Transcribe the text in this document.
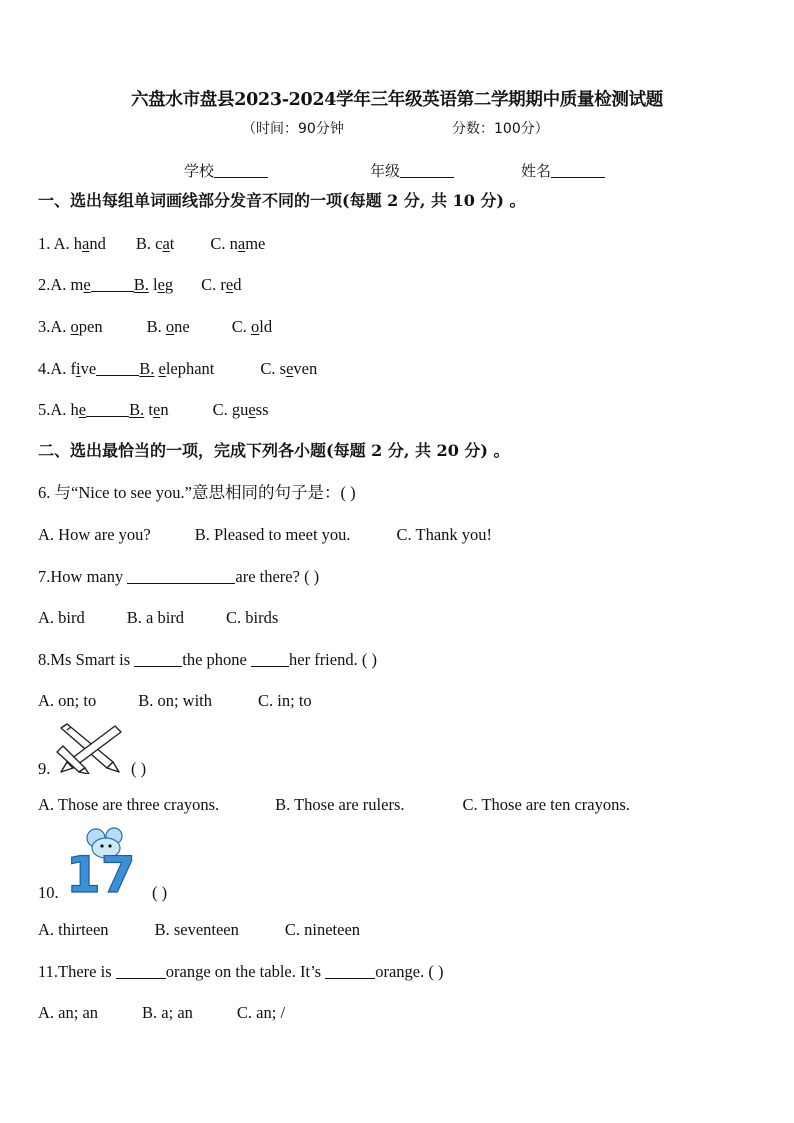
六盘水市盘县2023-2024学年三年级英语第二学期期中质量检测试题
（时间：90分钟	分数：100分）
学校	年级	姓名
一、选出每组单词画线部分发音不同的一项(每题 2 分, 共 10 分) 。
1. A. hand B. cat C. name
2.A. me	B. leg C. red
3.A. open	B. one	C. old
4.A. five	B. elephant	C. seven
5.A. he	B. ten	C. guess
二、选出最恰当的一项，完成下列各小题(每题 2 分, 共 20 分) 。
6. 与“Nice to see you.”意思相同的句子是：( )
A. How are you?	B. Pleased to meet you.	C. Thank you!
7.How many	are there? ( )
A. bird	B. a bird	C. birds
8.Ms Smart is	the phone her friend. ( )
A. on; to	B. on; with	C. in; to
9.	( )
A. Those are three crayons.	B. Those are rulers.	C. Those are ten crayons.
10. 17 ( )
A. thirteen	B. seventeen	C. nineteen
11.There is	orange on the table. It’s	orange. ( )
A. an; an	B. a; an	C. an; /
